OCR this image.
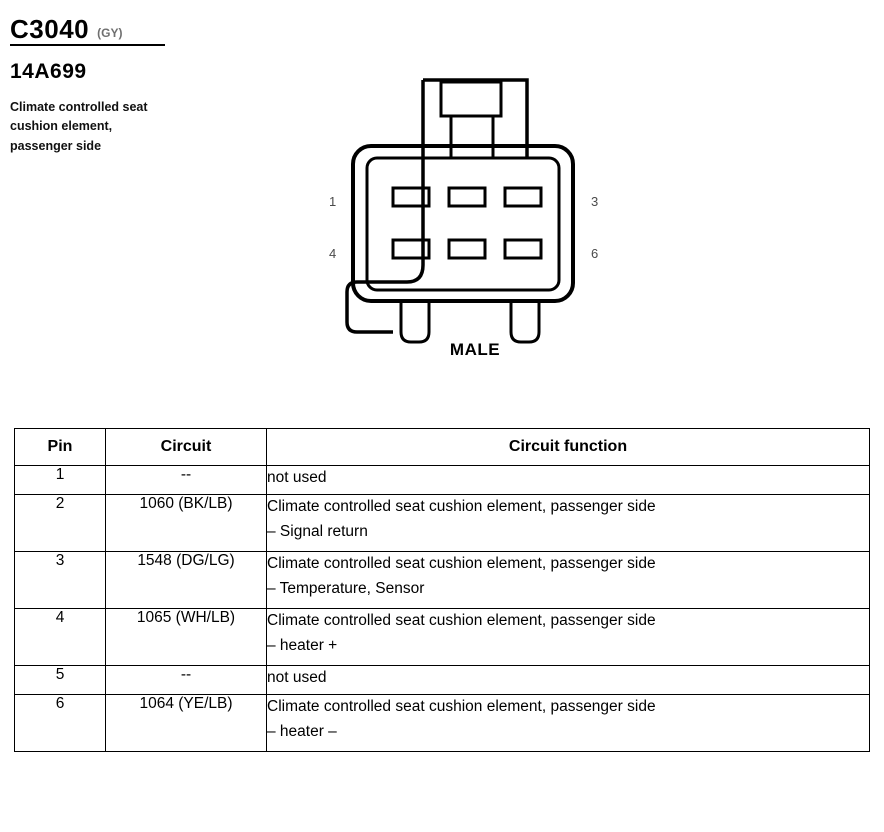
C3040 (GY)
14A699
Climate controlled seat cushion element, passenger side
1	3
4	6
MALE
Pin	Circuit	Circuit function
1	--	not used

2	1060 (BK/LB)	Climate controlled seat cushion element, passenger side
– Signal return

3	1548 (DG/LG)	Climate controlled seat cushion element, passenger side
– Temperature, Sensor

4	1065 (WH/LB)	Climate controlled seat cushion element, passenger side
– heater +

5	--	not used

6	1064 (YE/LB)	Climate controlled seat cushion element, passenger side
– heater –
